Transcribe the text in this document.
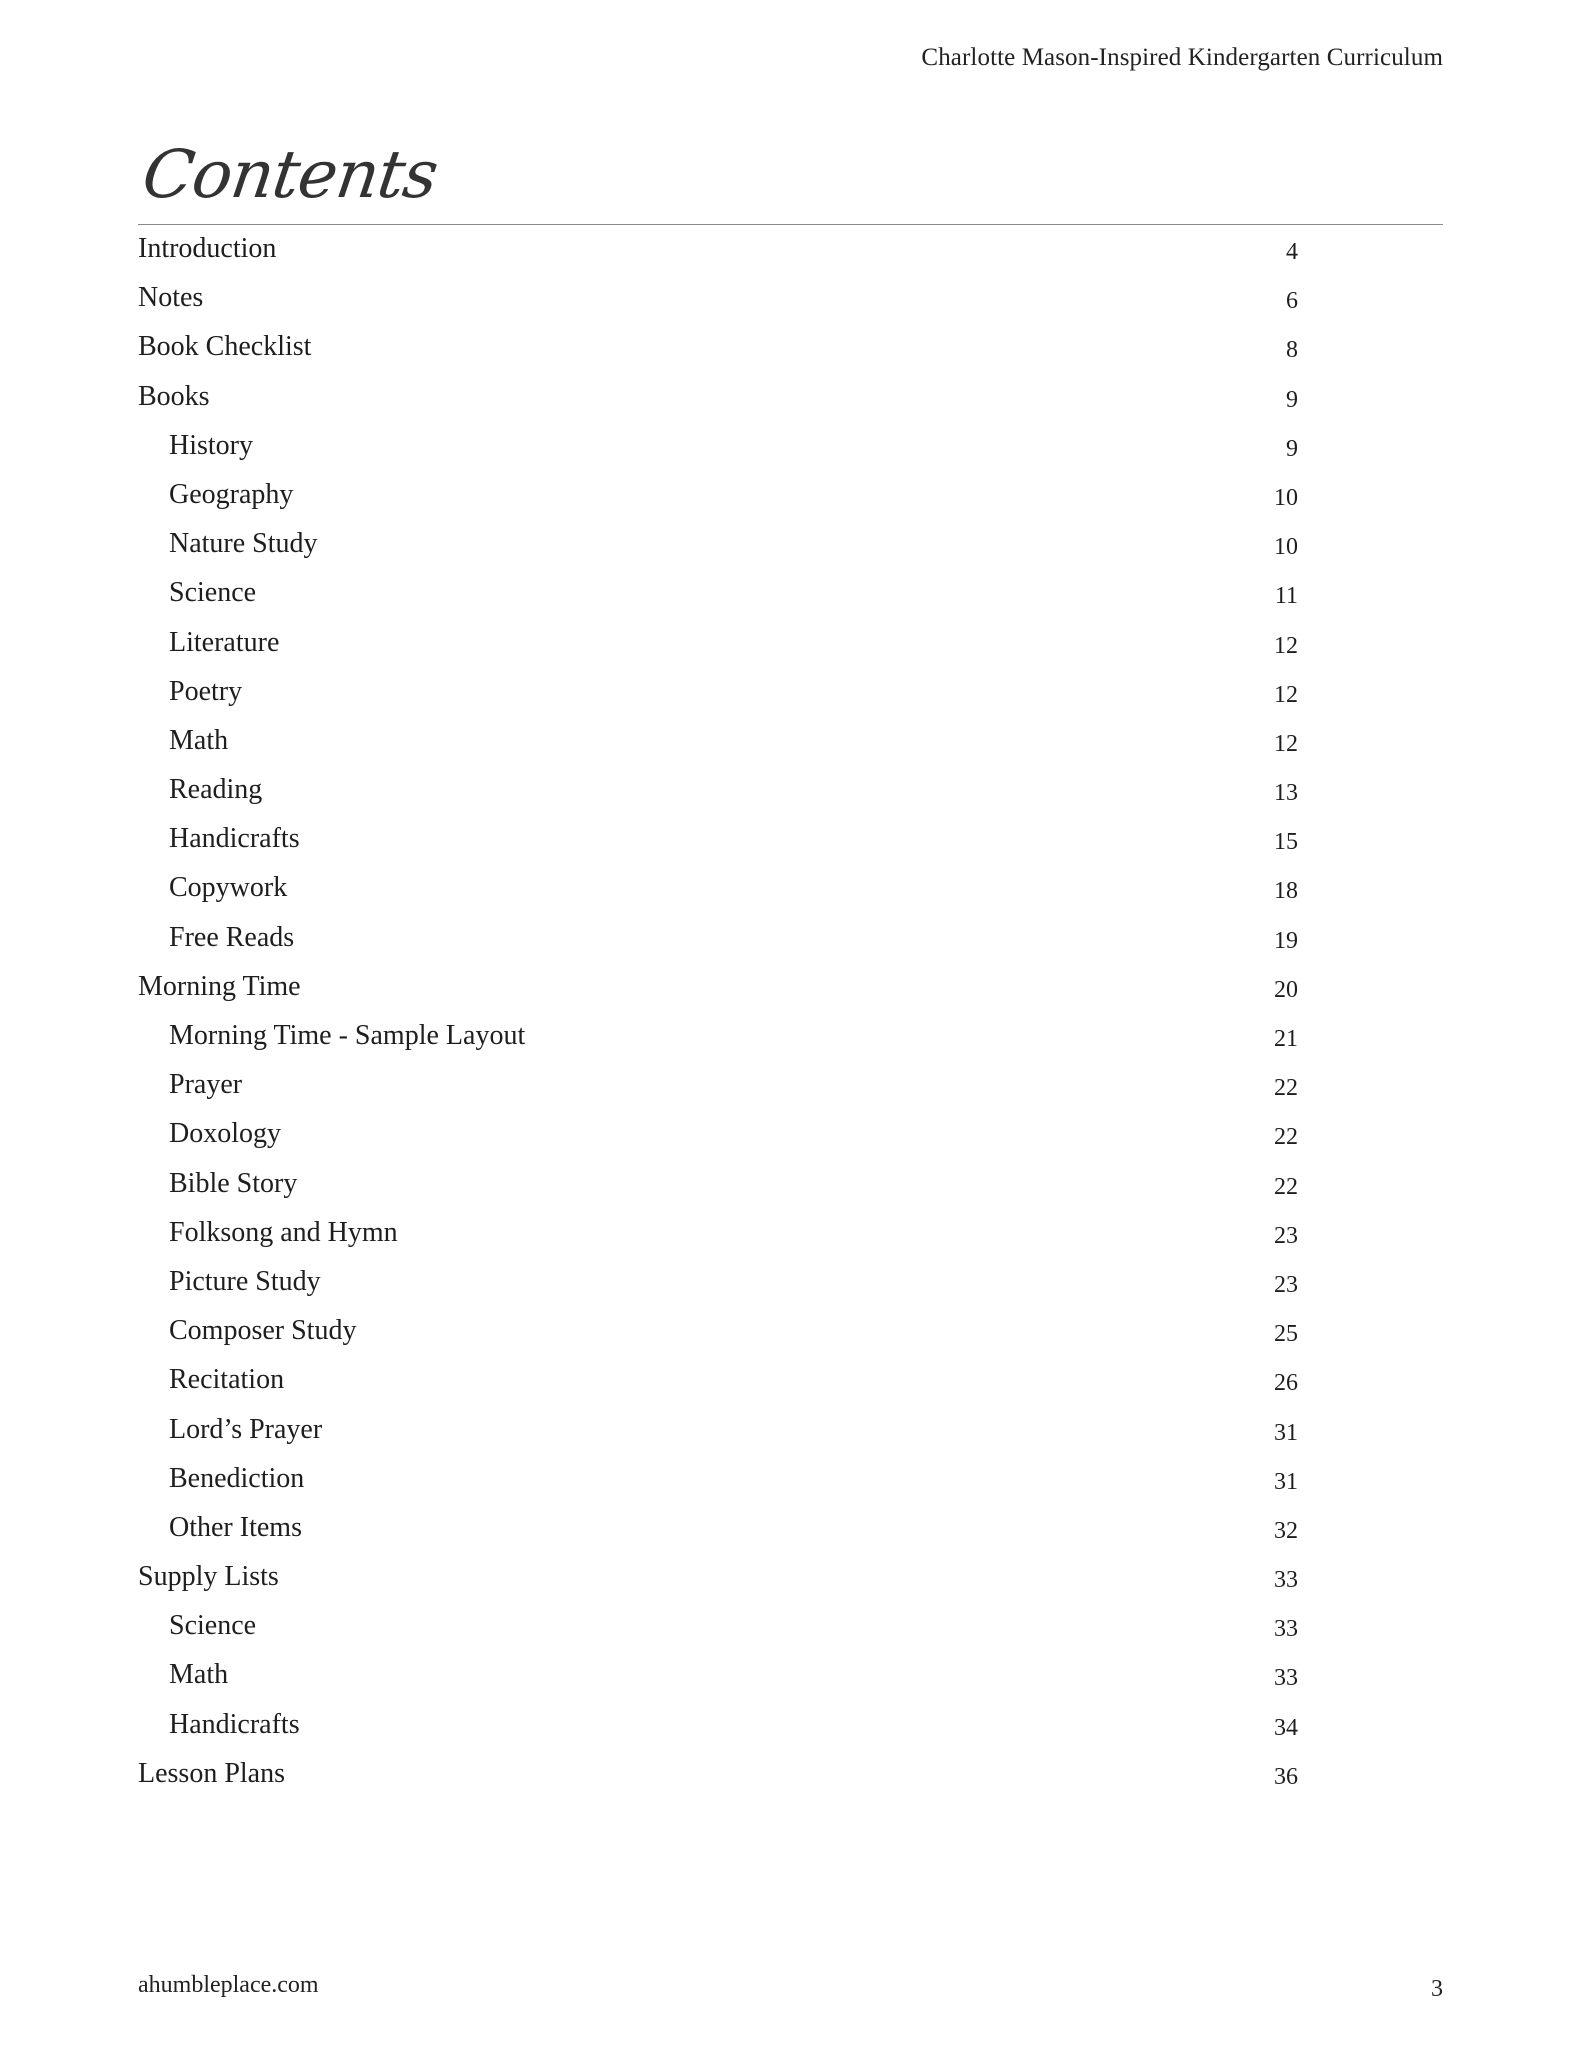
Charlotte Mason-Inspired Kindergarten Curriculum
Contents
Introduction	4
Notes	6
Book Checklist	8
Books	9
History	9
Geography	10
Nature Study	10
Science	11
Literature	12
Poetry	12
Math	12
Reading	13
Handicrafts	15
Copywork	18
Free Reads	19
Morning Time	20
Morning Time - Sample Layout	21
Prayer	22
Doxology	22
Bible Story	22
Folksong and Hymn	23
Picture Study	23
Composer Study	25
Recitation	26
Lord’s Prayer	31
Benediction	31
Other Items	32
Supply Lists	33
Science	33
Math	33
Handicrafts	34
Lesson Plans	36
ahumbleplace.com	3
